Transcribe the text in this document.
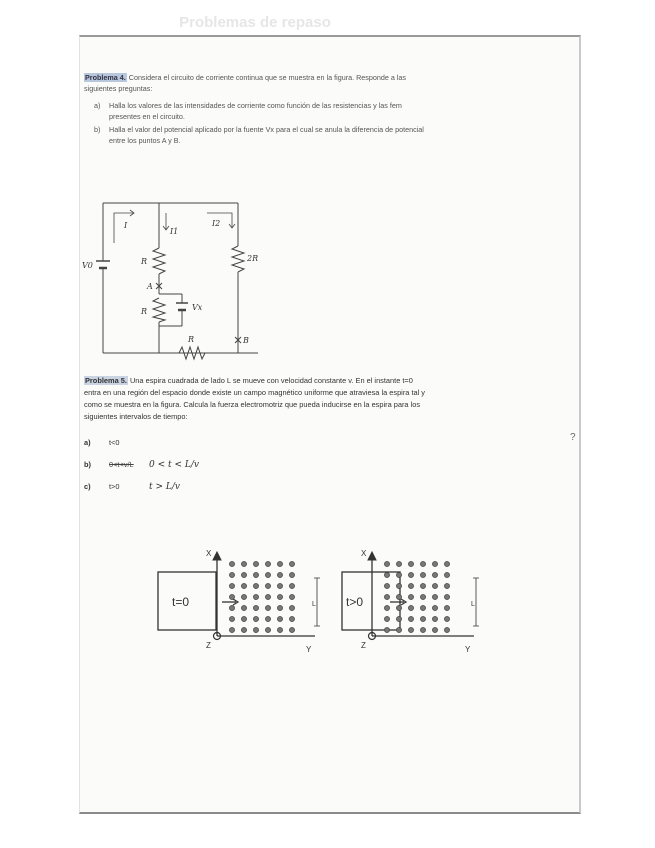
Problemas de repaso
Problema 4. Considera el circuito de corriente continua que se muestra en la figura. Responde a las siguientes preguntas:
a)	Halla los valores de las intensidades de corriente como función de las resistencias y las fem presentes en el circuito.
b)	Halla el valor del potencial aplicado por la fuente Vx para el cual se anula la diferencia de potencial entre los puntos A y B.
V0
I
I1
I2
R	2R
A
R	Vx
R	B
Problema 5. Una espira cuadrada de lado L se mueve con velocidad constante v. En el instante t=0 entra en una región del espacio donde existe un campo magnético uniforme que atraviesa la espira tal y como se muestra en la figura. Calcula la fuerza electromotriz que pueda inducirse en la espira para los siguientes intervalos de tiempo:
a)	t<0
b)	0<t<v/L	0 < t < L/v
c)	t>0	t > L/v
t=0
X
Y
Z
L	t>0
X
Y
Z
L
?
